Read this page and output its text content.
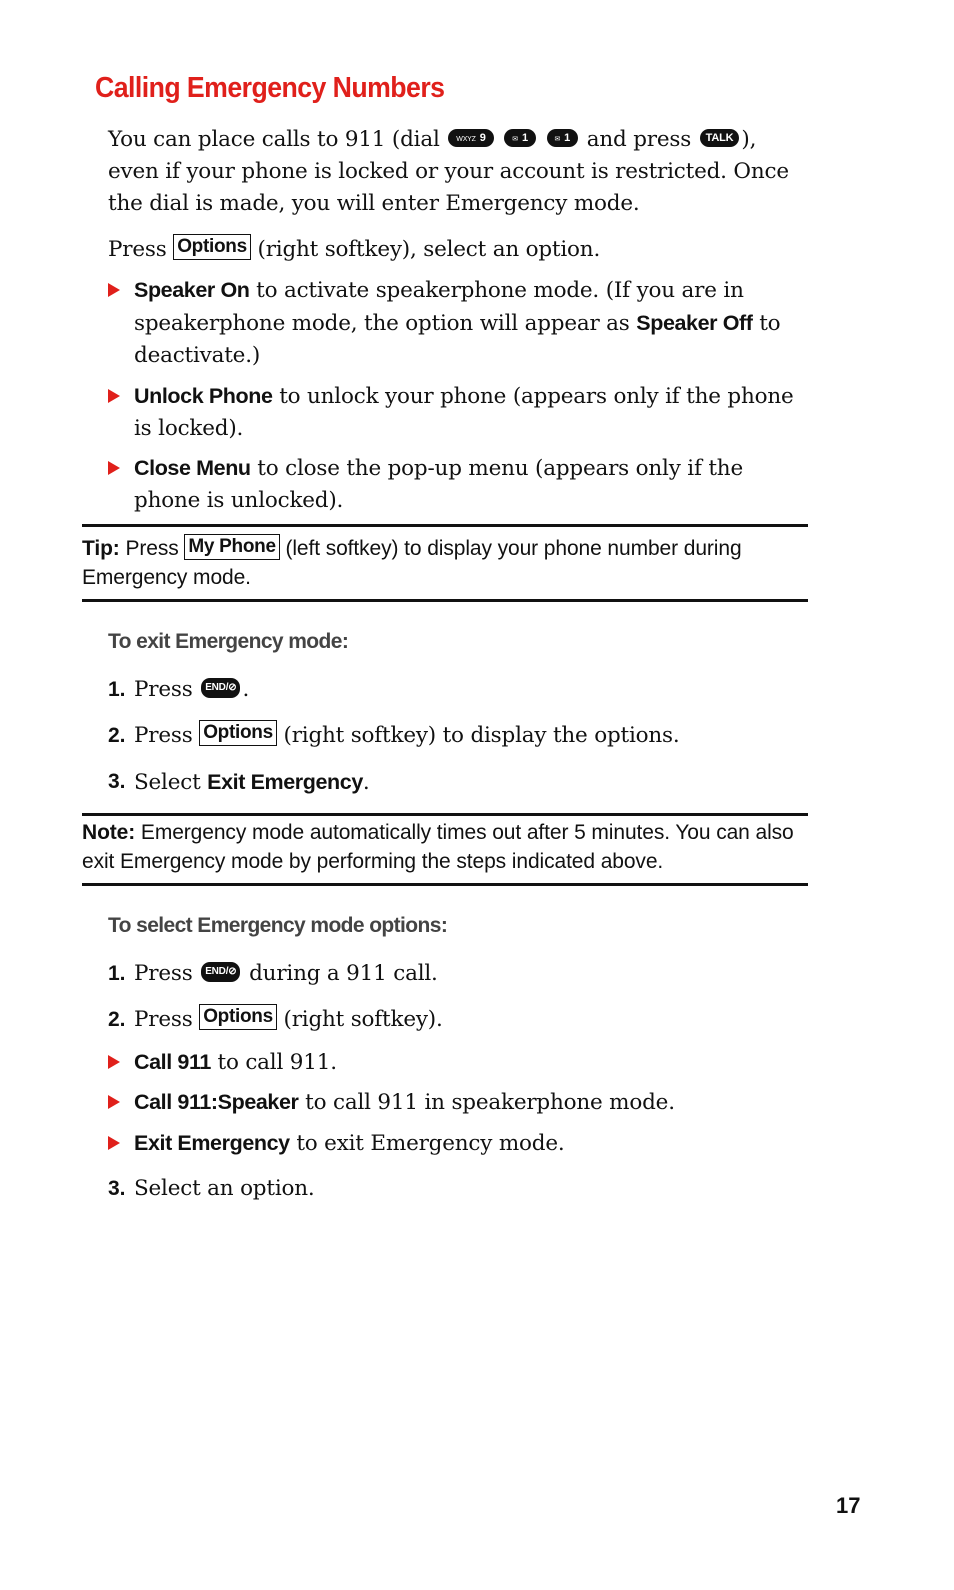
Calling Emergency Numbers

You can place calls to 911 (dial WXYZ 9	✉ 1	✉ 1 and press TALK ),
even if your phone is locked or your account is restricted. Once
the dial is made, you will enter Emergency mode.

Press Options (right softkey), select an option.

Speaker On to activate speakerphone mode. (If you are in speakerphone mode, the option will appear as Speaker Off to deactivate.)

Unlock Phone to unlock your phone (appears only if the phone is locked).

Close Menu to close the pop-up menu (appears only if the phone is unlocked).

Tip: Press My Phone (left softkey) to display your phone number during Emergency mode.

To exit Emergency mode:

1. Press END/⊘ .

2. Press Options (right softkey) to display the options.

3. Select Exit Emergency.

Note: Emergency mode automatically times out after 5 minutes. You can also exit Emergency mode by performing the steps indicated above.

To select Emergency mode options:

1. Press END/⊘ during a 911 call.

2. Press Options (right softkey).

Call 911 to call 911.

Call 911:Speaker to call 911 in speakerphone mode.

Exit Emergency to exit Emergency mode.

3. Select an option.

17
